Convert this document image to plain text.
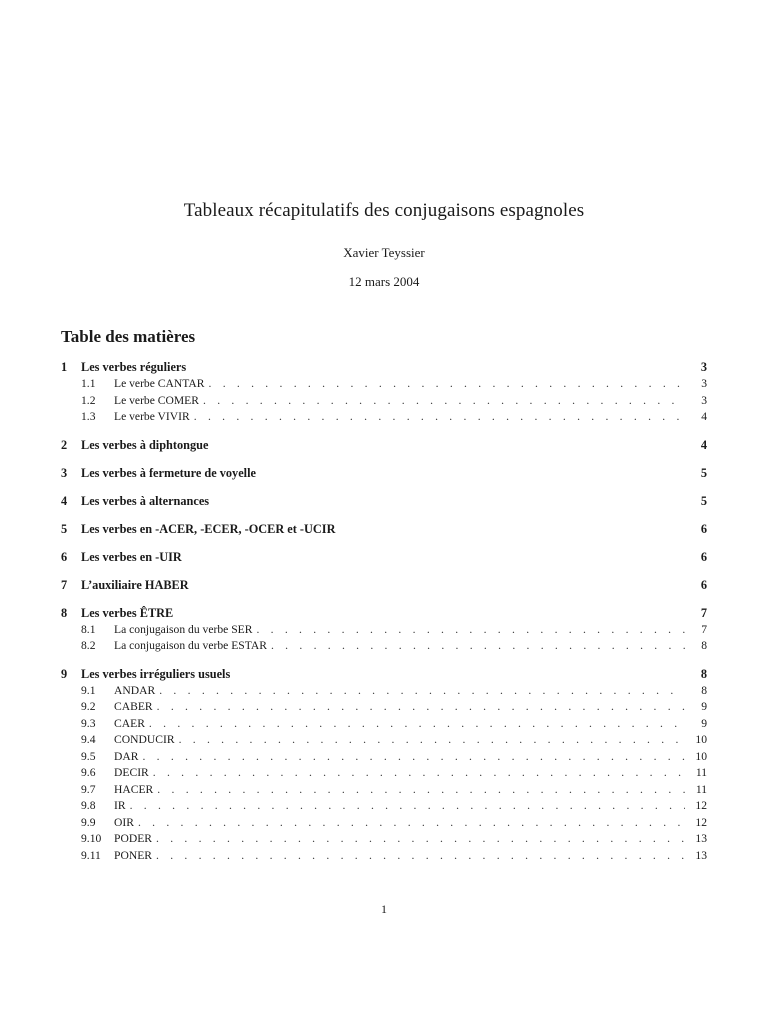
Tableaux récapitulatifs des conjugaisons espagnoles
Xavier Teyssier
12 mars 2004
Table des matières
1	Les verbes réguliers	3
1.1	Le verbe CANTAR . . .	3
1.2	Le verbe COMER . . .	3
1.3	Le verbe VIVIR . . .	4
2	Les verbes à diphtongue	4
3	Les verbes à fermeture de voyelle	5
4	Les verbes à alternances	5
5	Les verbes en -ACER, -ECER, -OCER et -UCIR	6
6	Les verbes en -UIR	6
7	L’auxiliaire HABER	6
8	Les verbes ÊTRE	7
8.1	La conjugaison du verbe SER . . .	7
8.2	La conjugaison du verbe ESTAR . . .	8
9	Les verbes irréguliers usuels	8
9.1	ANDAR . . .	8
9.2	CABER . . .	9
9.3	CAER . . .	9
9.4	CONDUCIR . . .	10
9.5	DAR . . .	10
9.6	DECIR . . .	11
9.7	HACER . . .	11
9.8	IR . . .	12
9.9	OIR . . .	12
9.10	PODER . . .	13
9.11	PONER . . .	13
1
